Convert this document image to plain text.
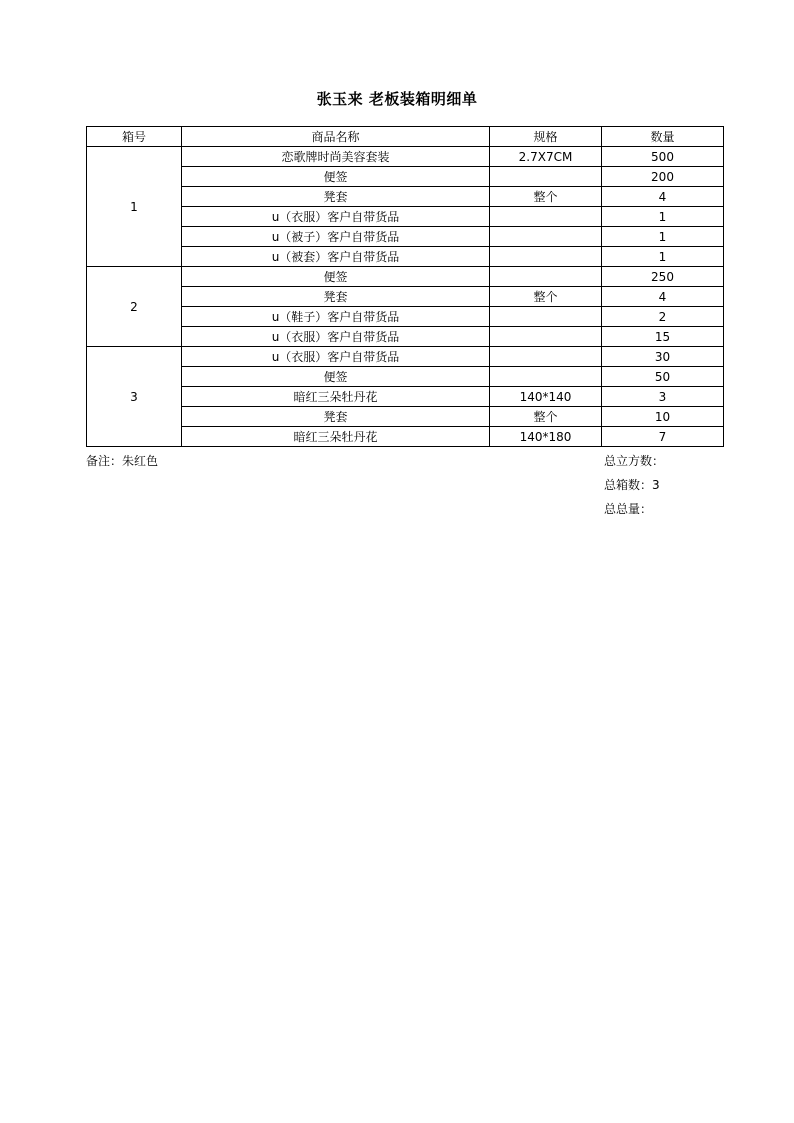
张玉来 老板装箱明细单
箱号	商品名称	规格	数量
1	恋歌牌时尚美容套装	2.7X7CM	500
	便签		200
	凳套	整个	4
	u（衣服）客户自带货品		1
	u（被子）客户自带货品		1
	u（被套）客户自带货品		1
2	便签		250
	凳套	整个	4
	u（鞋子）客户自带货品		2
	u（衣服）客户自带货品		15
3	u（衣服）客户自带货品		30
	便签		50
	暗红三朵牡丹花	140*140	3
	凳套	整个	10
	暗红三朵牡丹花	140*180	7
备注：朱红色	总立方数：
总箱数：3
总总量：
